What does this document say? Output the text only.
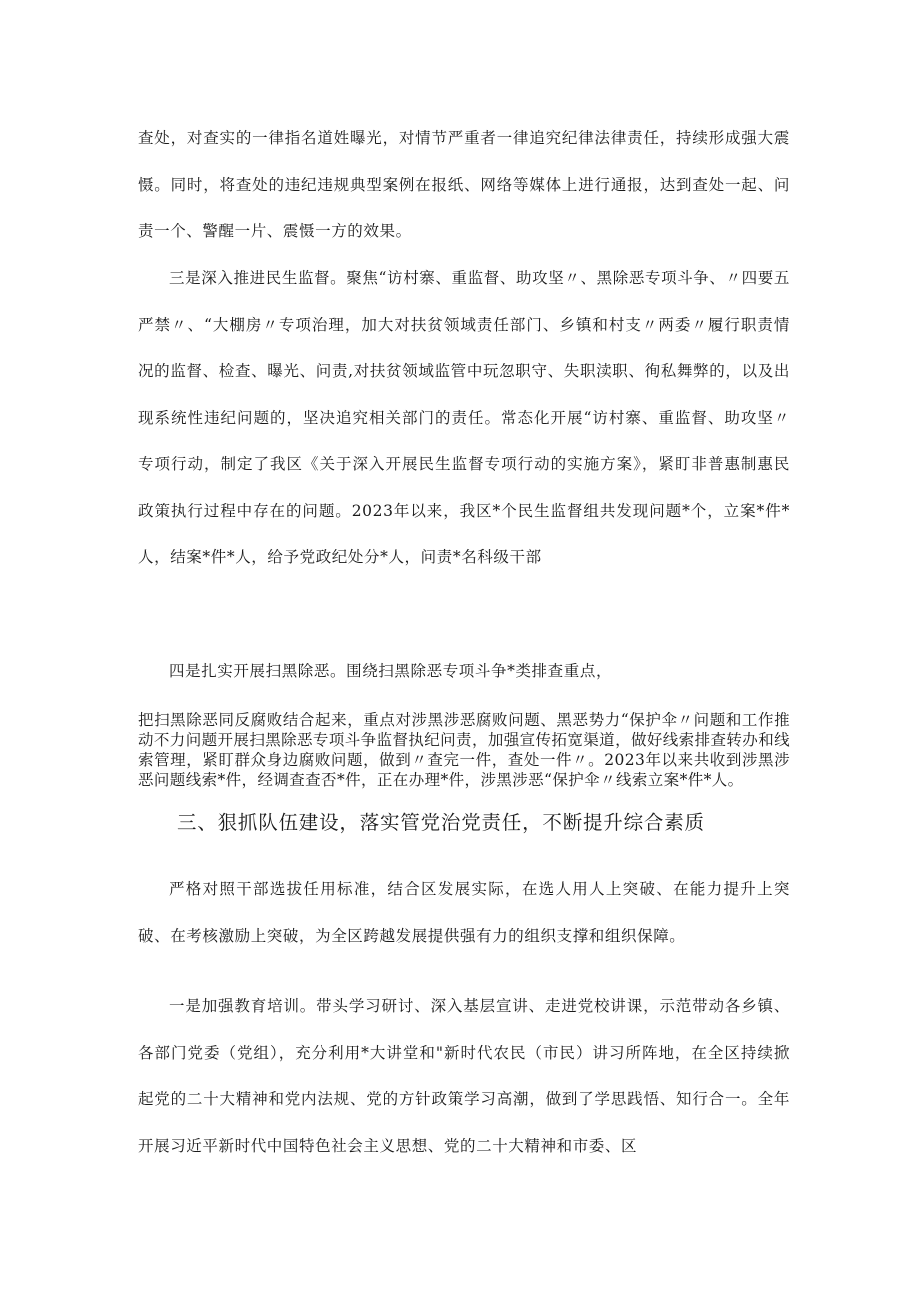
查处，对查实的一律指名道姓曝光，对情节严重者一律追究纪律法律责任，持续形成强大震慑。同时，将查处的违纪违规典型案例在报纸、网络等媒体上进行通报，达到查处一起、问责一个、警醒一片、震慑一方的效果。

三是深入推进民生监督。聚焦“访村寨、重监督、助攻坚〃、黑除恶专项斗争、〃四要五严禁〃、“大棚房〃专项治理，加大对扶贫领域责任部门、乡镇和村支〃两委〃履行职责情况的监督、检查、曝光、问责,对扶贫领域监管中玩忽职守、失职渎职、徇私舞弊的，以及出现系统性违纪问题的，坚决追究相关部门的责任。常态化开展“访村寨、重监督、助攻坚〃专项行动，制定了我区《关于深入开展民生监督专项行动的实施方案》，紧盯非普惠制惠民政策执行过程中存在的问题。2023年以来，我区*个民生监督组共发现问题*个，立案*件*人，结案*件*人，给予党政纪处分*人，问责*名科级干部

四是扎实开展扫黑除恶。围绕扫黑除恶专项斗争*类排查重点，

把扫黑除恶同反腐败结合起来，重点对涉黑涉恶腐败问题、黑恶势力“保护伞〃问题和工作推动不力问题开展扫黑除恶专项斗争监督执纪问责，加强宣传拓宽渠道，做好线索排查转办和线索管理，紧盯群众身边腐败问题，做到〃查完一件，查处一件〃。2023年以来共收到涉黑涉恶问题线索*件，经调查查否*件，正在办理*件，涉黑涉恶“保护伞〃线索立案*件*人。

三、狠抓队伍建设，落实管党治党责任，不断提升综合素质

严格对照干部选拔任用标准，结合区发展实际，在选人用人上突破、在能力提升上突破、在考核激励上突破，为全区跨越发展提供强有力的组织支撑和组织保障。

一是加强教育培训。带头学习研讨、深入基层宣讲、走进党校讲课，示范带动各乡镇、各部门党委（党组），充分利用*大讲堂和"新时代农民（市民）讲习所阵地，在全区持续掀起党的二十大精神和党内法规、党的方针政策学习高潮，做到了学思践悟、知行合一。全年开展习近平新时代中国特色社会主义思想、党的二十大精神和市委、区
